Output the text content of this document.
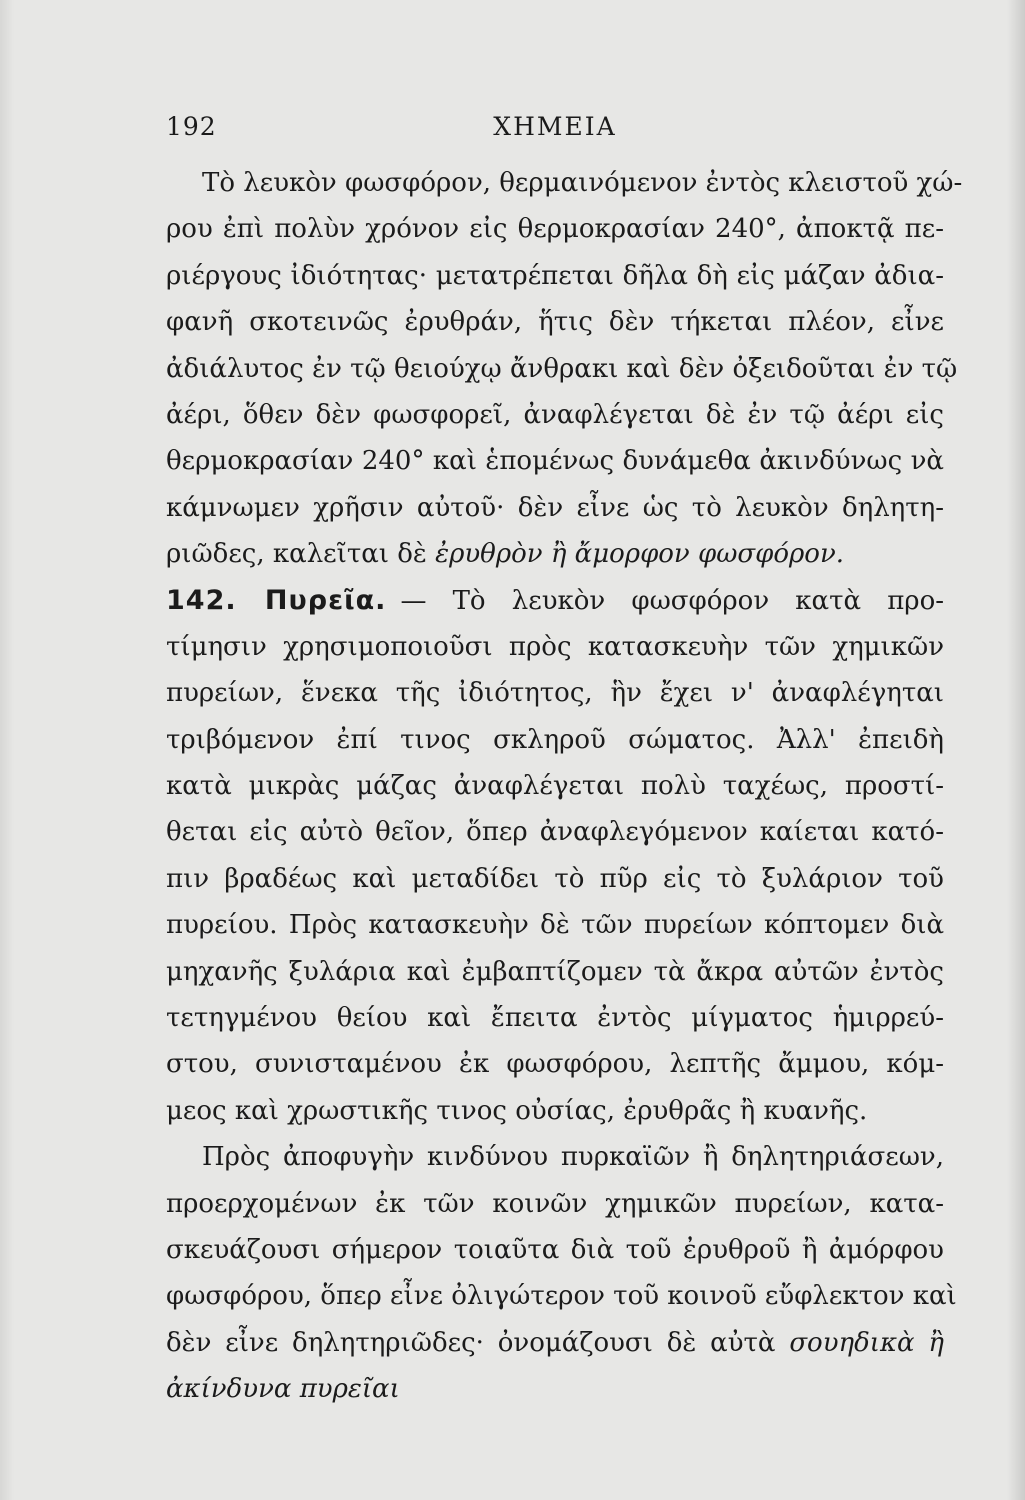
192	ΧΗΜΕΙΑ
Τὸ λευκὸν φωσφόρον, θερμαινόμενον ἐντὸς κλειστοῦ χώ-
ρου ἐπὶ πολὺν χρόνον εἰς θερμοκρασίαν 240°, ἀποκτᾷ πε-
ριέργους ἰδιότητας· μετατρέπεται δῆλα δὴ εἰς μάζαν ἀδια-
φανῆ σκοτεινῶς ἐρυθράν, ἥτις δὲν τήκεται πλέον, εἶνε
ἀδιάλυτος ἐν τῷ θειούχῳ ἄνθρακι καὶ δὲν ὀξειδοῦται ἐν τῷ
ἀέρι, ὅθεν δὲν φωσφορεῖ, ἀναφλέγεται δὲ ἐν τῷ ἀέρι εἰς
θερμοκρασίαν 240° καὶ ἑπομένως δυνάμεθα ἀκινδύνως νὰ
κάμνωμεν χρῆσιν αὐτοῦ· δὲν εἶνε ὡς τὸ λευκὸν δηλητη-
ριῶδες, καλεῖται δὲ ἐρυθρὸν ἢ ἄμορφον φωσφόρον.
142. Πυρεῖα. — Τὸ λευκὸν φωσφόρον κατὰ προ-
τίμησιν χρησιμοποιοῦσι πρὸς κατασκευὴν τῶν χημικῶν
πυρείων, ἕνεκα τῆς ἰδιότητος, ἣν ἔχει ν' ἀναφλέγηται
τριβόμενον ἐπί τινος σκληροῦ σώματος. Ἀλλ' ἐπειδὴ
κατὰ μικρὰς μάζας ἀναφλέγεται πολὺ ταχέως, προστί-
θεται εἰς αὐτὸ θεῖον, ὅπερ ἀναφλεγόμενον καίεται κατό-
πιν βραδέως καὶ μεταδίδει τὸ πῦρ εἰς τὸ ξυλάριον τοῦ
πυρείου. Πρὸς κατασκευὴν δὲ τῶν πυρείων κόπτομεν διὰ
μηχανῆς ξυλάρια καὶ ἐμβαπτίζομεν τὰ ἄκρα αὐτῶν ἐντὸς
τετηγμένου θείου καὶ ἔπειτα ἐντὸς μίγματος ἡμιρρεύ-
στου, συνισταμένου ἐκ φωσφόρου, λεπτῆς ἄμμου, κόμ-
μεος καὶ χρωστικῆς τινος οὐσίας, ἐρυθρᾶς ἢ κυανῆς.
Πρὸς ἀποφυγὴν κινδύνου πυρκαϊῶν ἢ δηλητηριάσεων,
προερχομένων ἐκ τῶν κοινῶν χημικῶν πυρείων, κατα-
σκευάζουσι σήμερον τοιαῦτα διὰ τοῦ ἐρυθροῦ ἢ ἀμόρφου
φωσφόρου, ὅπερ εἶνε ὀλιγώτερον τοῦ κοινοῦ εὔφλεκτον καὶ
δὲν εἶνε δηλητηριῶδες· ὀνομάζουσι δὲ αὐτὰ σουηδικὰ ἢ
ἀκίνδυνα πυρεῖαι
